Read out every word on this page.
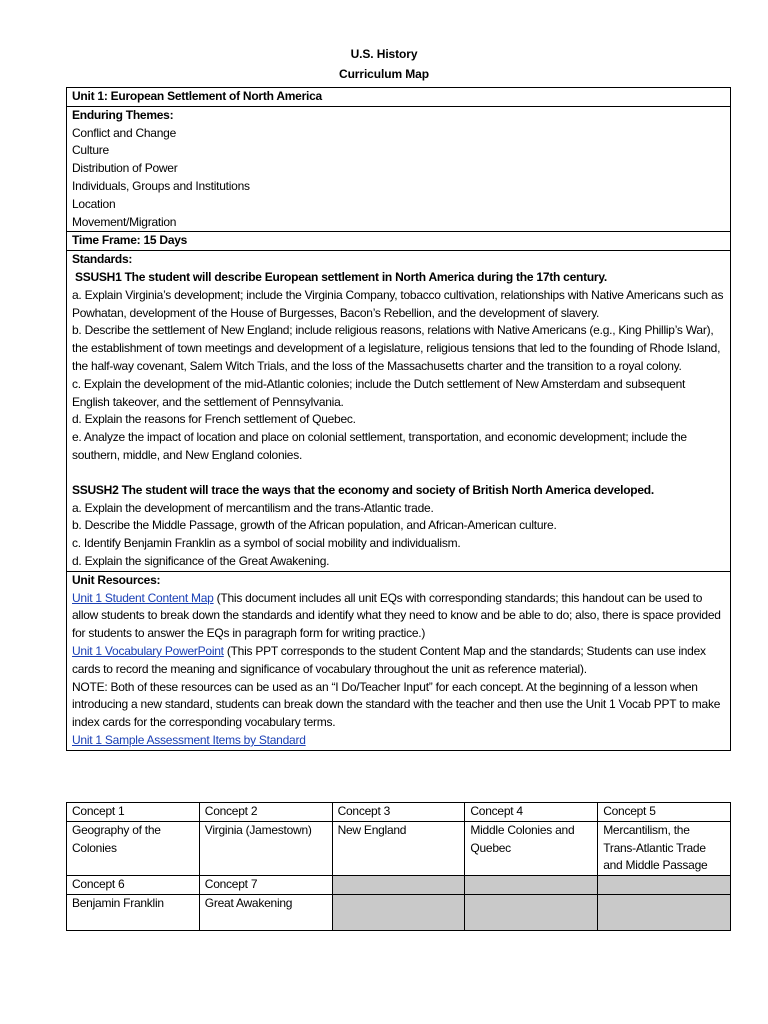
U.S. History
Curriculum Map
Unit 1: European Settlement of North America

Enduring Themes:
Conflict and Change
Culture
Distribution of Power
Individuals, Groups and Institutions
Location
Movement/Migration

Time Frame: 15 Days

Standards:
SSUSH1 The student will describe European settlement in North America during the 17th century.
a. Explain Virginia’s development; include the Virginia Company, tobacco cultivation, relationships with Native Americans such as Powhatan, development of the House of Burgesses, Bacon’s Rebellion, and the development of slavery.
b. Describe the settlement of New England; include religious reasons, relations with Native Americans (e.g., King Phillip’s War), the establishment of town meetings and development of a legislature, religious tensions that led to the founding of Rhode Island, the half-way covenant, Salem Witch Trials, and the loss of the Massachusetts charter and the transition to a royal colony.
c. Explain the development of the mid-Atlantic colonies; include the Dutch settlement of New Amsterdam and subsequent English takeover, and the settlement of Pennsylvania.
d. Explain the reasons for French settlement of Quebec.
e. Analyze the impact of location and place on colonial settlement, transportation, and economic development; include the southern, middle, and New England colonies.
SSUSH2 The student will trace the ways that the economy and society of British North America developed.
a. Explain the development of mercantilism and the trans-Atlantic trade.
b. Describe the Middle Passage, growth of the African population, and African-American culture.
c. Identify Benjamin Franklin as a symbol of social mobility and individualism.
d. Explain the significance of the Great Awakening.

Unit Resources:
Unit 1 Student Content Map (This document includes all unit EQs with corresponding standards; this handout can be used to allow students to break down the standards and identify what they need to know and be able to do; also, there is space provided for students to answer the EQs in paragraph form for writing practice.)
Unit 1 Vocabulary PowerPoint (This PPT corresponds to the student Content Map and the standards; Students can use index cards to record the meaning and significance of vocabulary throughout the unit as reference material).
NOTE: Both of these resources can be used as an “I Do/Teacher Input” for each concept. At the beginning of a lesson when introducing a new standard, students can break down the standard with the teacher and then use the Unit 1 Vocab PPT to make index cards for the corresponding vocabulary terms.
Unit 1 Sample Assessment Items by Standard
Concept 1	Concept 2	Concept 3	Concept 4	Concept 5
Geography of the Colonies	Virginia (Jamestown)	New England	Middle Colonies and Quebec	Mercantilism, the Trans-Atlantic Trade and Middle Passage
Concept 6	Concept 7			
Benjamin Franklin	Great Awakening			
